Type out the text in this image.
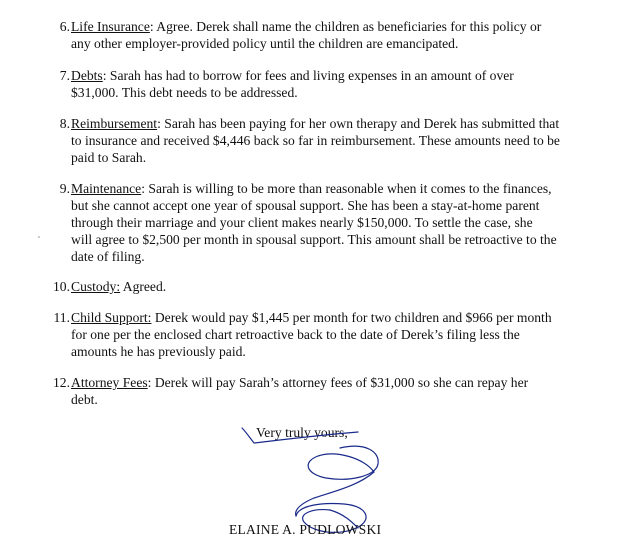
6. Life Insurance: Agree. Derek shall name the children as beneficiaries for this policy or
any other employer-provided policy until the children are emancipated.
7. Debts: Sarah has had to borrow for fees and living expenses in an amount of over
$31,000. This debt needs to be addressed.
8. Reimbursement: Sarah has been paying for her own therapy and Derek has submitted that
to insurance and received $4,446 back so far in reimbursement. These amounts need to be
paid to Sarah.
9. Maintenance: Sarah is willing to be more than reasonable when it comes to the finances,
but she cannot accept one year of spousal support. She has been a stay-at-home parent
through their marriage and your client makes nearly $150,000. To settle the case, she
will agree to $2,500 per month in spousal support. This amount shall be retroactive to the
date of filing.
10. Custody: Agreed.
11. Child Support: Derek would pay $1,445 per month for two children and $966 per month
for one per the enclosed chart retroactive back to the date of Derek’s filing less the
amounts he has previously paid.
12. Attorney Fees: Derek will pay Sarah’s attorney fees of $31,000 so she can repay her
debt.
Very truly yours,
ELAINE A. PUDLOWSKI
